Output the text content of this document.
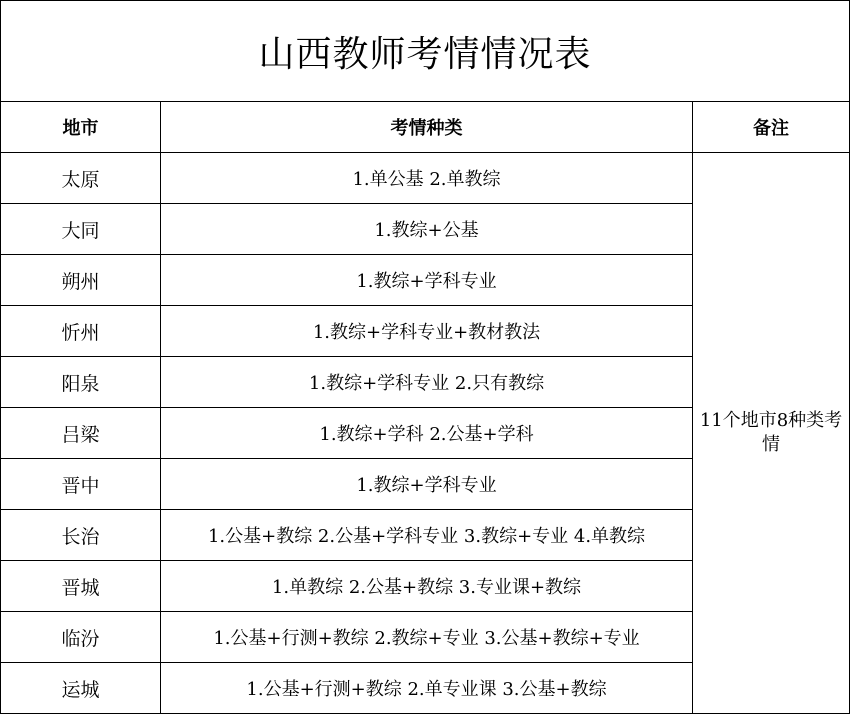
山西教师考情情况表		
地市	考情种类	备注
太原	1.单公基 2.单教综	11个地市8种类考情
大同	1.教综+公基	
朔州	1.教综+学科专业	
忻州	1.教综+学科专业+教材教法	
阳泉	1.教综+学科专业 2.只有教综	
吕梁	1.教综+学科 2.公基+学科	
晋中	1.教综+学科专业	
长治	1.公基+教综 2.公基+学科专业 3.教综+专业 4.单教综	
晋城	1.单教综 2.公基+教综 3.专业课+教综	
临汾	1.公基+行测+教综 2.教综+专业 3.公基+教综+专业	
运城	1.公基+行测+教综 2.单专业课 3.公基+教综	
